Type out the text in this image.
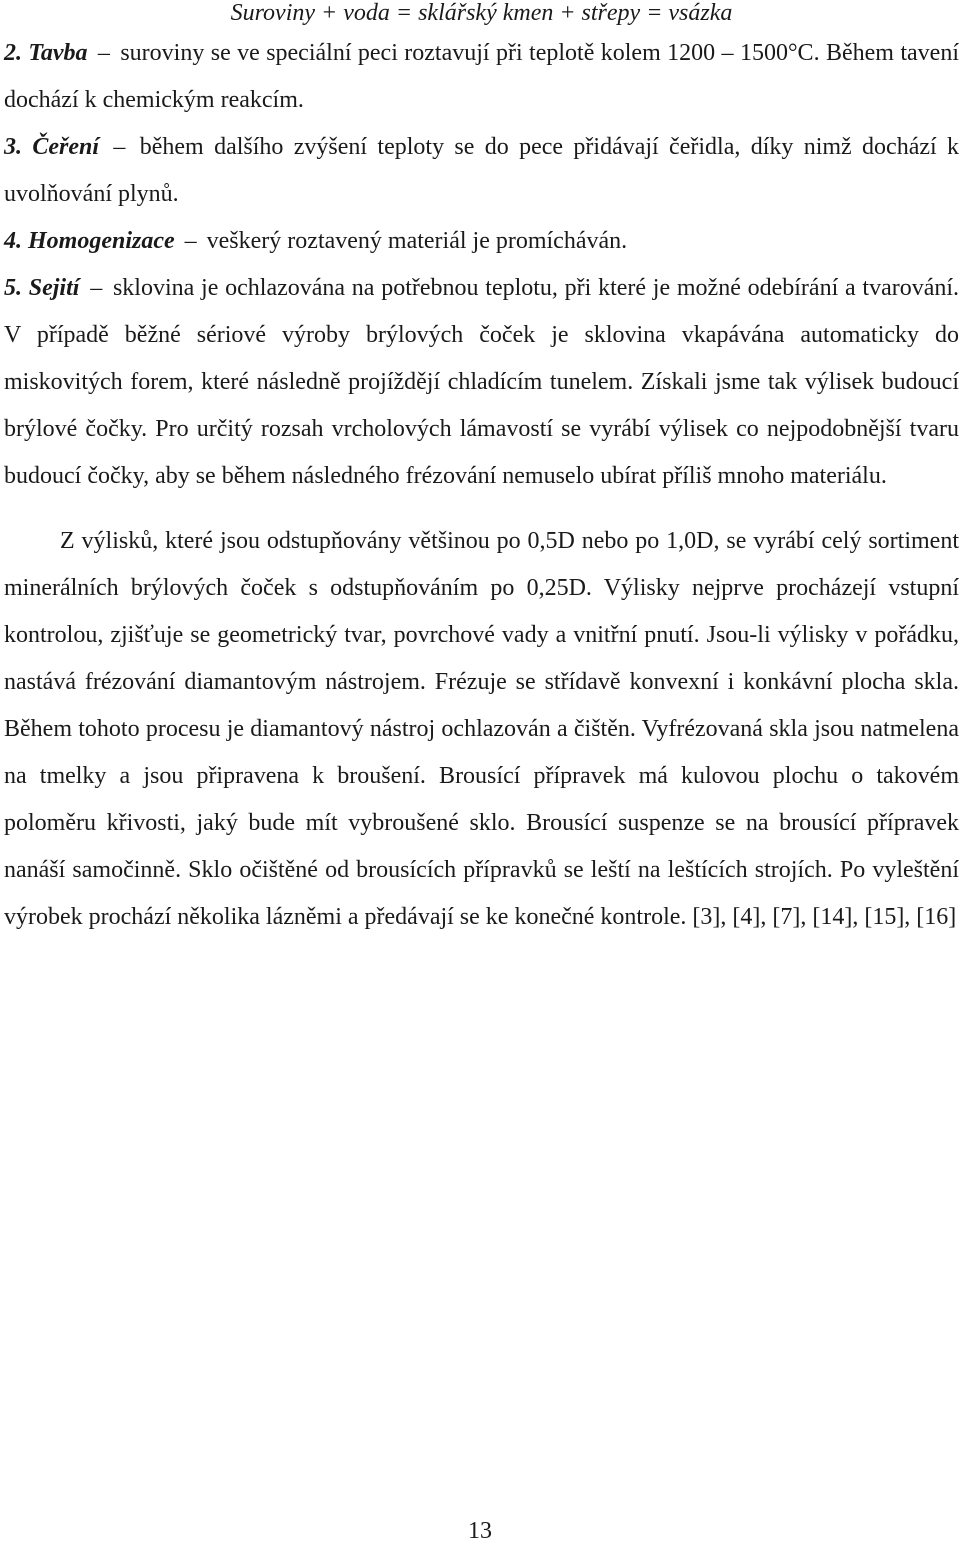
Suroviny + voda = sklářský kmen + střepy = vsázka

2. Tavba – suroviny se ve speciální peci roztavují při teplotě kolem 1200 – 1500°C. Během tavení dochází k chemickým reakcím.

3. Čeření – během dalšího zvýšení teploty se do pece přidávají čeřidla, díky nimž dochází k uvolňování plynů.

4. Homogenizace – veškerý roztavený materiál je promícháván.

5. Sejití – sklovina je ochlazována na potřebnou teplotu, při které je možné odebírání a tvarování. V případě běžné sériové výroby brýlových čoček je sklovina vkapávána automaticky do miskovitých forem, které následně projíždějí chladícím tunelem. Získali jsme tak výlisek budoucí brýlové čočky. Pro určitý rozsah vrcholových lámavostí se vyrábí výlisek co nejpodobnější tvaru budoucí čočky, aby se během následného frézování nemuselo ubírat příliš mnoho materiálu.

Z výlisků, které jsou odstupňovány většinou po 0,5D nebo po 1,0D, se vyrábí celý sortiment minerálních brýlových čoček s odstupňováním po 0,25D. Výlisky nejprve procházejí vstupní kontrolou, zjišťuje se geometrický tvar, povrchové vady a vnitřní pnutí. Jsou-li výlisky v pořádku, nastává frézování diamantovým nástrojem. Frézuje se střídavě konvexní i konkávní plocha skla. Během tohoto procesu je diamantový nástroj ochlazován a čištěn. Vyfrézovaná skla jsou natmelena na tmelky a jsou připravena k broušení. Brousící přípravek má kulovou plochu o takovém poloměru křivosti, jaký bude mít vybroušené sklo. Brousící suspenze se na brousící přípravek nanáší samočinně. Sklo očištěné od brousících přípravků se leští na leštících strojích. Po vyleštění výrobek prochází několika lázněmi a předávají se ke konečné kontrole. [3], [4], [7], [14], [15], [16]

13
